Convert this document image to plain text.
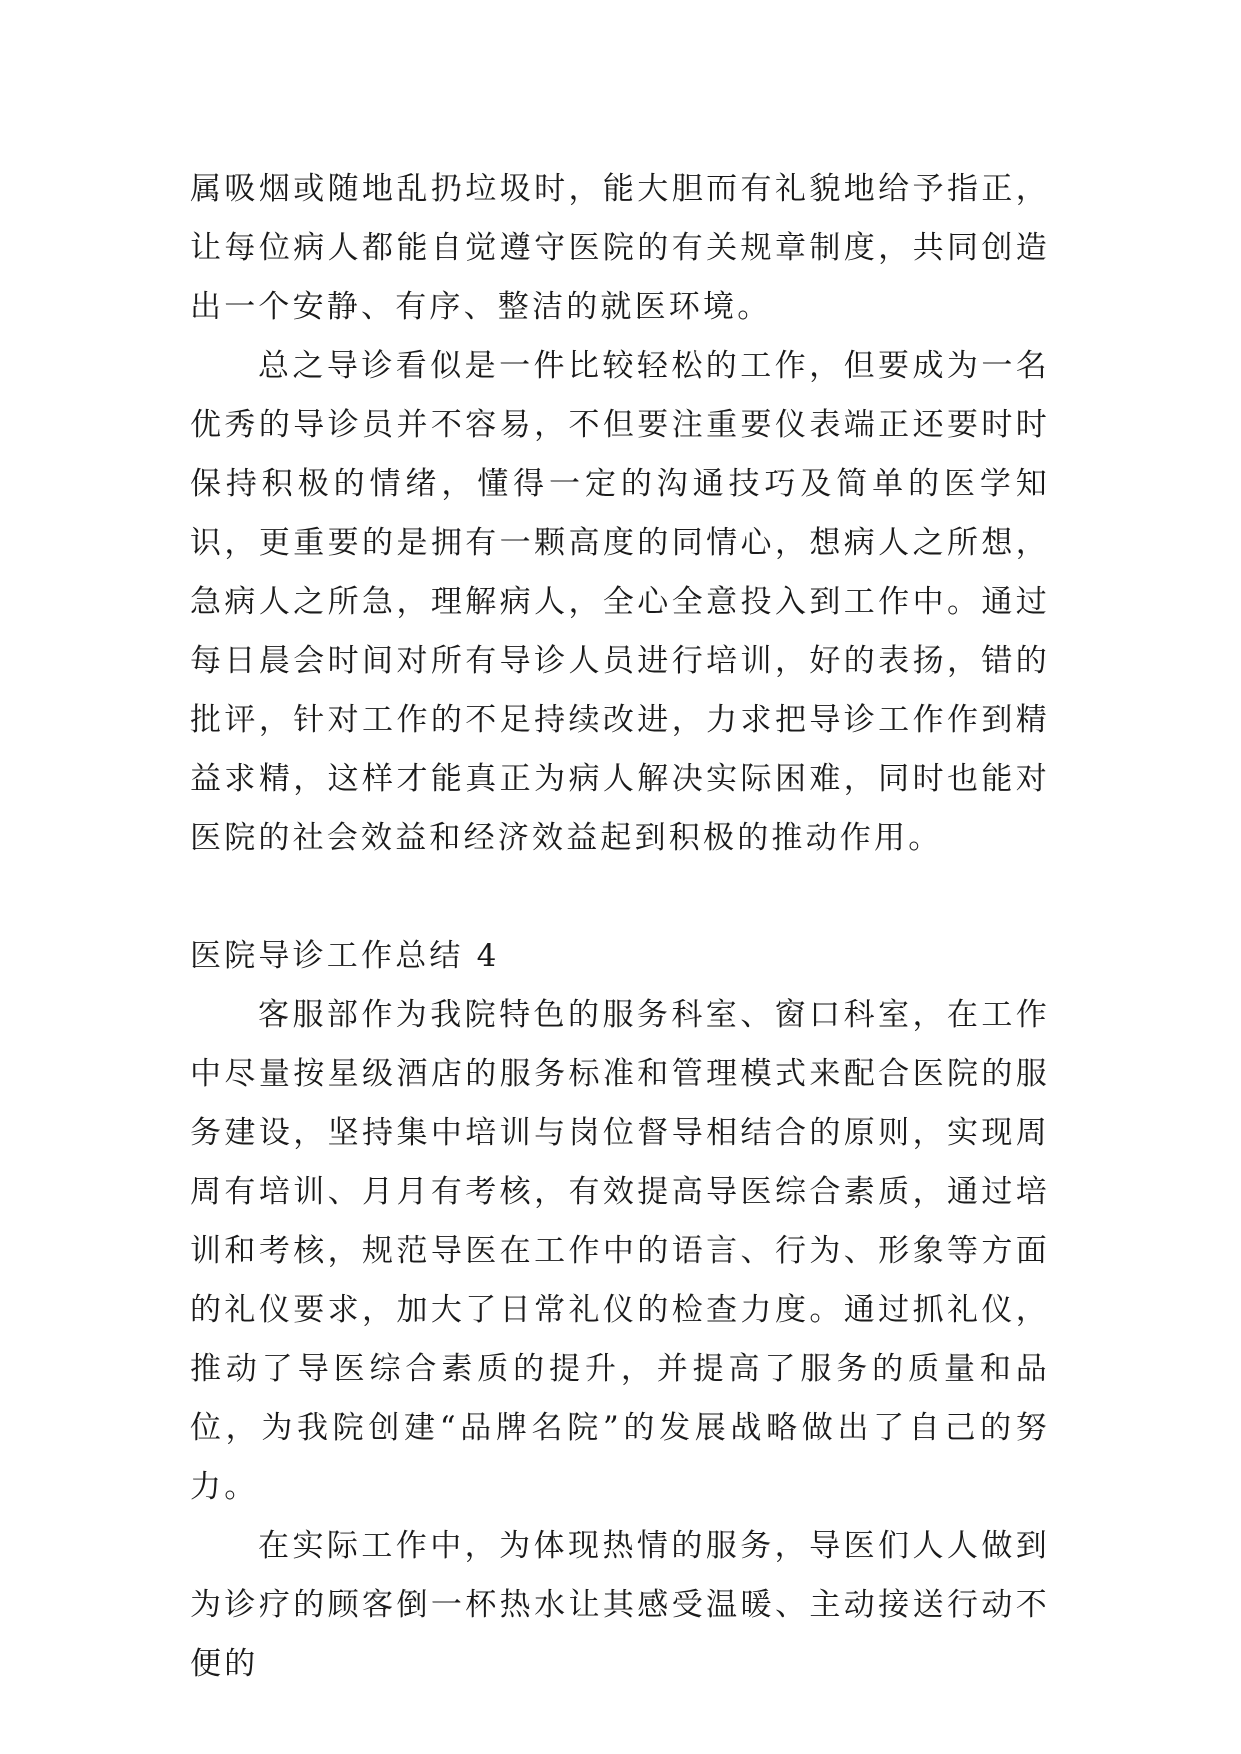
属吸烟或随地乱扔垃圾时，能大胆而有礼貌地给予指正，让每位病人都能自觉遵守医院的有关规章制度，共同创造出一个安静、有序、整洁的就医环境。

总之导诊看似是一件比较轻松的工作，但要成为一名优秀的导诊员并不容易，不但要注重要仪表端正还要时时保持积极的情绪，懂得一定的沟通技巧及简单的医学知识，更重要的是拥有一颗高度的同情心，想病人之所想，急病人之所急，理解病人，全心全意投入到工作中。通过每日晨会时间对所有导诊人员进行培训，好的表扬，错的批评，针对工作的不足持续改进，力求把导诊工作作到精益求精，这样才能真正为病人解决实际困难，同时也能对医院的社会效益和经济效益起到积极的推动作用。

医院导诊工作总结 4

客服部作为我院特色的服务科室、窗口科室，在工作中尽量按星级酒店的服务标准和管理模式来配合医院的服务建设，坚持集中培训与岗位督导相结合的原则，实现周周有培训、月月有考核，有效提高导医综合素质，通过培训和考核，规范导医在工作中的语言、行为、形象等方面的礼仪要求，加大了日常礼仪的检查力度。通过抓礼仪，推动了导医综合素质的提升，并提高了服务的质量和品位，为我院创建“品牌名院”的发展战略做出了自己的努力。

在实际工作中，为体现热情的服务，导医们人人做到为诊疗的顾客倒一杯热水让其感受温暖、主动接送行动不便的
